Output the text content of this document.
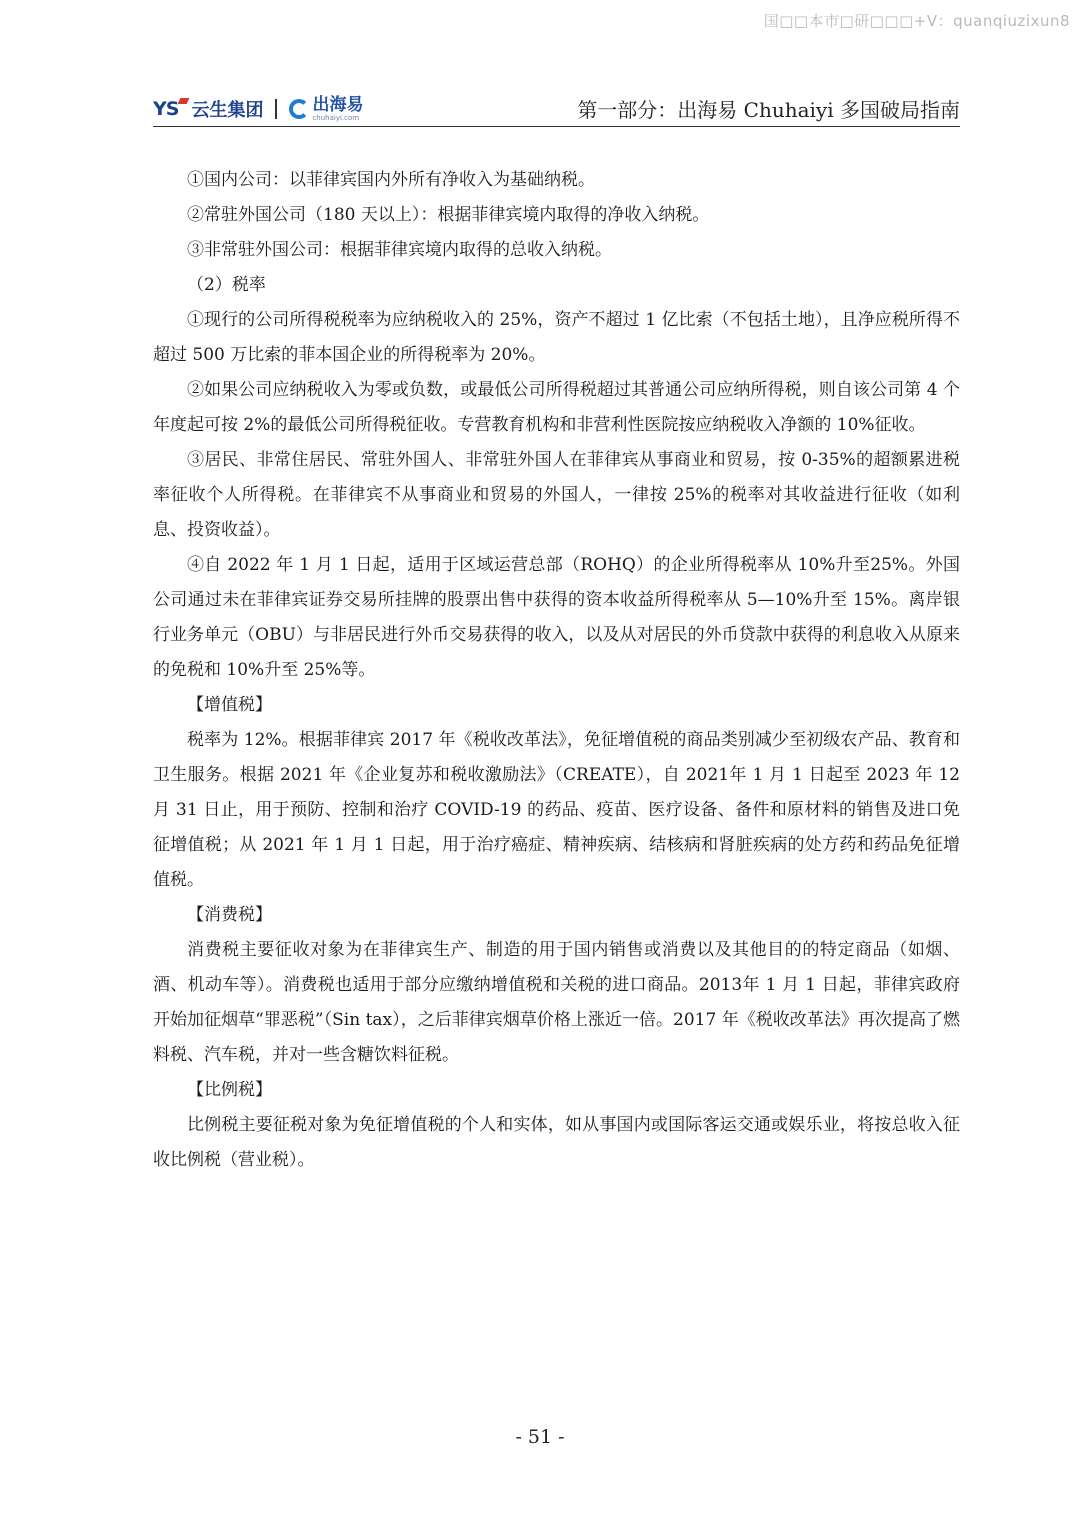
国□□本市□研□□□+V：quanqiuzixun8
YS 云生集团	出海易
chuhaiyi.com	第一部分：出海易 Chuhaiyi 多国破局指南

①国内公司：以菲律宾国内外所有净收入为基础纳税。

②常驻外国公司（180 天以上）：根据菲律宾境内取得的净收入纳税。

③非常驻外国公司：根据菲律宾境内取得的总收入纳税。

（2）税率

①现行的公司所得税税率为应纳税收入的 25%，资产不超过 1 亿比索（不包括土地），且净应税所得不超过 500 万比索的菲本国企业的所得税率为 20%。

②如果公司应纳税收入为零或负数，或最低公司所得税超过其普通公司应纳所得税，则自该公司第 4 个年度起可按 2%的最低公司所得税征收。专营教育机构和非营利性医院按应纳税收入净额的 10%征收。

③居民、非常住居民、常驻外国人、非常驻外国人在菲律宾从事商业和贸易，按 0-35%的超额累进税率征收个人所得税。在菲律宾不从事商业和贸易的外国人，一律按 25%的税率对其收益进行征收（如利息、投资收益）。

④自 2022 年 1 月 1 日起，适用于区域运营总部（ROHQ）的企业所得税率从 10%升至25%。外国公司通过未在菲律宾证券交易所挂牌的股票出售中获得的资本收益所得税率从 5—10%升至 15%。离岸银行业务单元（OBU）与非居民进行外币交易获得的收入，以及从对居民的外币贷款中获得的利息收入从原来的免税和 10%升至 25%等。

【增值税】

税率为 12%。根据菲律宾 2017 年《税收改革法》，免征增值税的商品类别减少至初级农产品、教育和卫生服务。根据 2021 年《企业复苏和税收激励法》（CREATE），自 2021年 1 月 1 日起至 2023 年 12 月 31 日止，用于预防、控制和治疗 COVID-19 的药品、疫苗、医疗设备、备件和原材料的销售及进口免征增值税；从 2021 年 1 月 1 日起，用于治疗癌症、精神疾病、结核病和肾脏疾病的处方药和药品免征增值税。

【消费税】

消费税主要征收对象为在菲律宾生产、制造的用于国内销售或消费以及其他目的的特定商品（如烟、酒、机动车等）。消费税也适用于部分应缴纳增值税和关税的进口商品。2013年 1 月 1 日起，菲律宾政府开始加征烟草“罪恶税”（Sin tax），之后菲律宾烟草价格上涨近一倍。2017 年《税收改革法》再次提高了燃料税、汽车税，并对一些含糖饮料征税。

【比例税】

比例税主要征税对象为免征增值税的个人和实体，如从事国内或国际客运交通或娱乐业，将按总收入征收比例税（营业税）。

- 51 -
